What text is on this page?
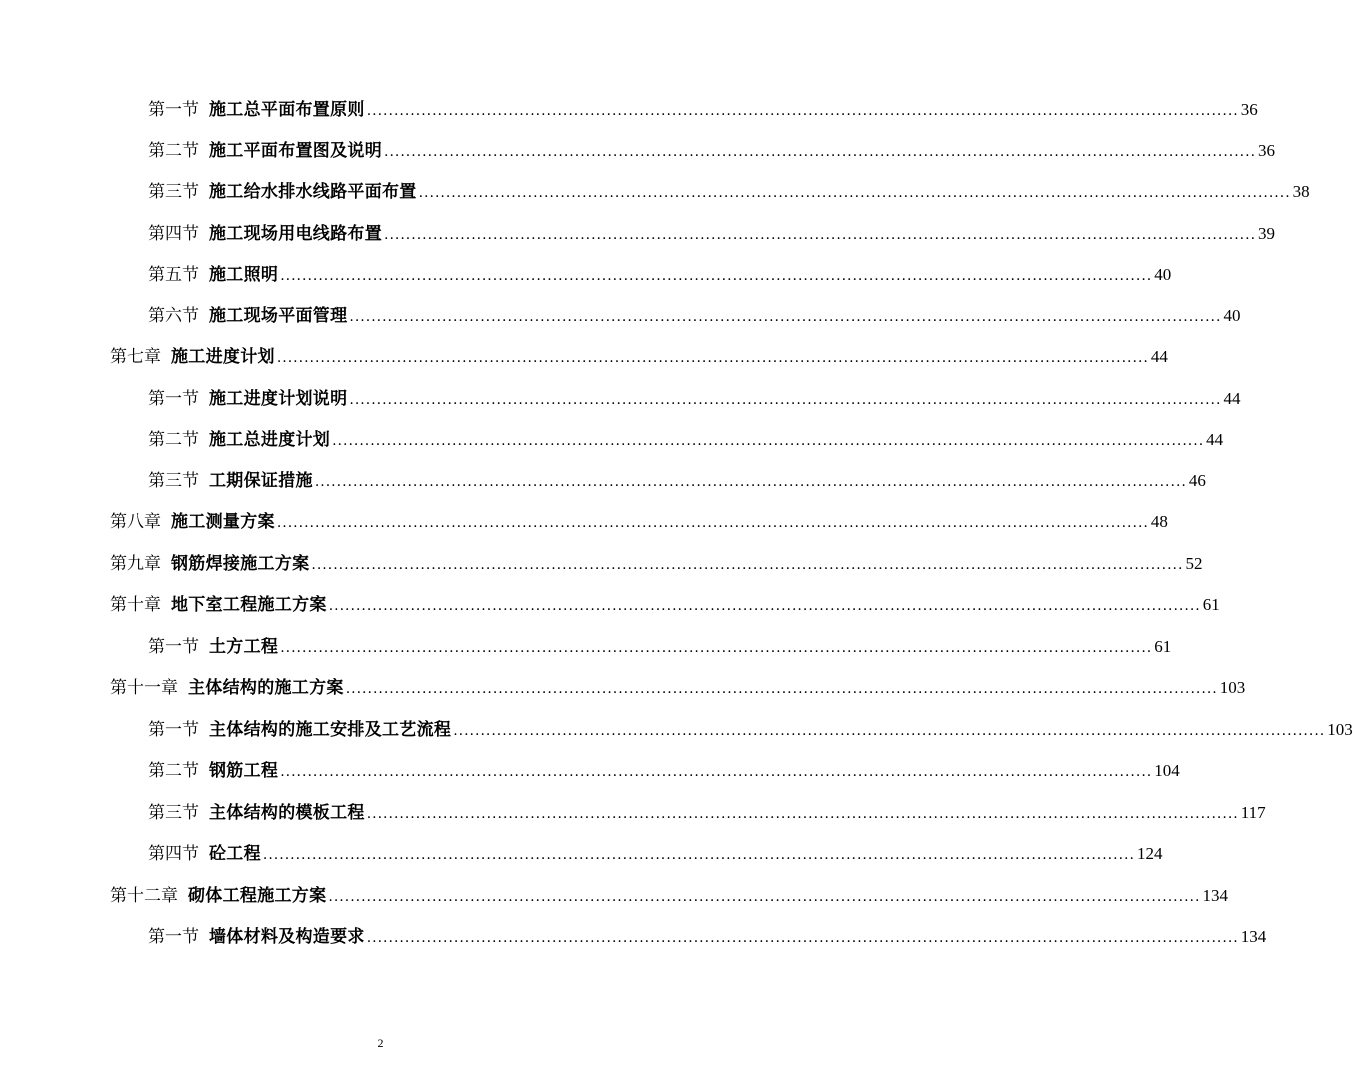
第一节 施工总平面布置原则 ................................................................................................................................................................ 36
第二节 施工平面布置图及说明 ................................................................................................................................................................ 36
第三节 施工给水排水线路平面布置 ................................................................................................................................................................ 38
第四节 施工现场用电线路布置 ................................................................................................................................................................ 39
第五节 施工照明 ................................................................................................................................................................ 40
第六节 施工现场平面管理 ................................................................................................................................................................ 40
第七章 施工进度计划 ................................................................................................................................................................ 44
第一节 施工进度计划说明 ................................................................................................................................................................ 44
第二节 施工总进度计划 ................................................................................................................................................................ 44
第三节 工期保证措施 ................................................................................................................................................................ 46
第八章 施工测量方案 ................................................................................................................................................................ 48
第九章 钢筋焊接施工方案 ................................................................................................................................................................ 52
第十章 地下室工程施工方案 ................................................................................................................................................................ 61
第一节 土方工程 ................................................................................................................................................................ 61
第十一章 主体结构的施工方案 ................................................................................................................................................................ 103
第一节 主体结构的施工安排及工艺流程 ................................................................................................................................................................ 103
第二节 钢筋工程 ................................................................................................................................................................ 104
第三节 主体结构的模板工程 ................................................................................................................................................................ 117
第四节 砼工程 ................................................................................................................................................................ 124
第十二章 砌体工程施工方案 ................................................................................................................................................................ 134
第一节 墙体材料及构造要求 ................................................................................................................................................................ 134
2
